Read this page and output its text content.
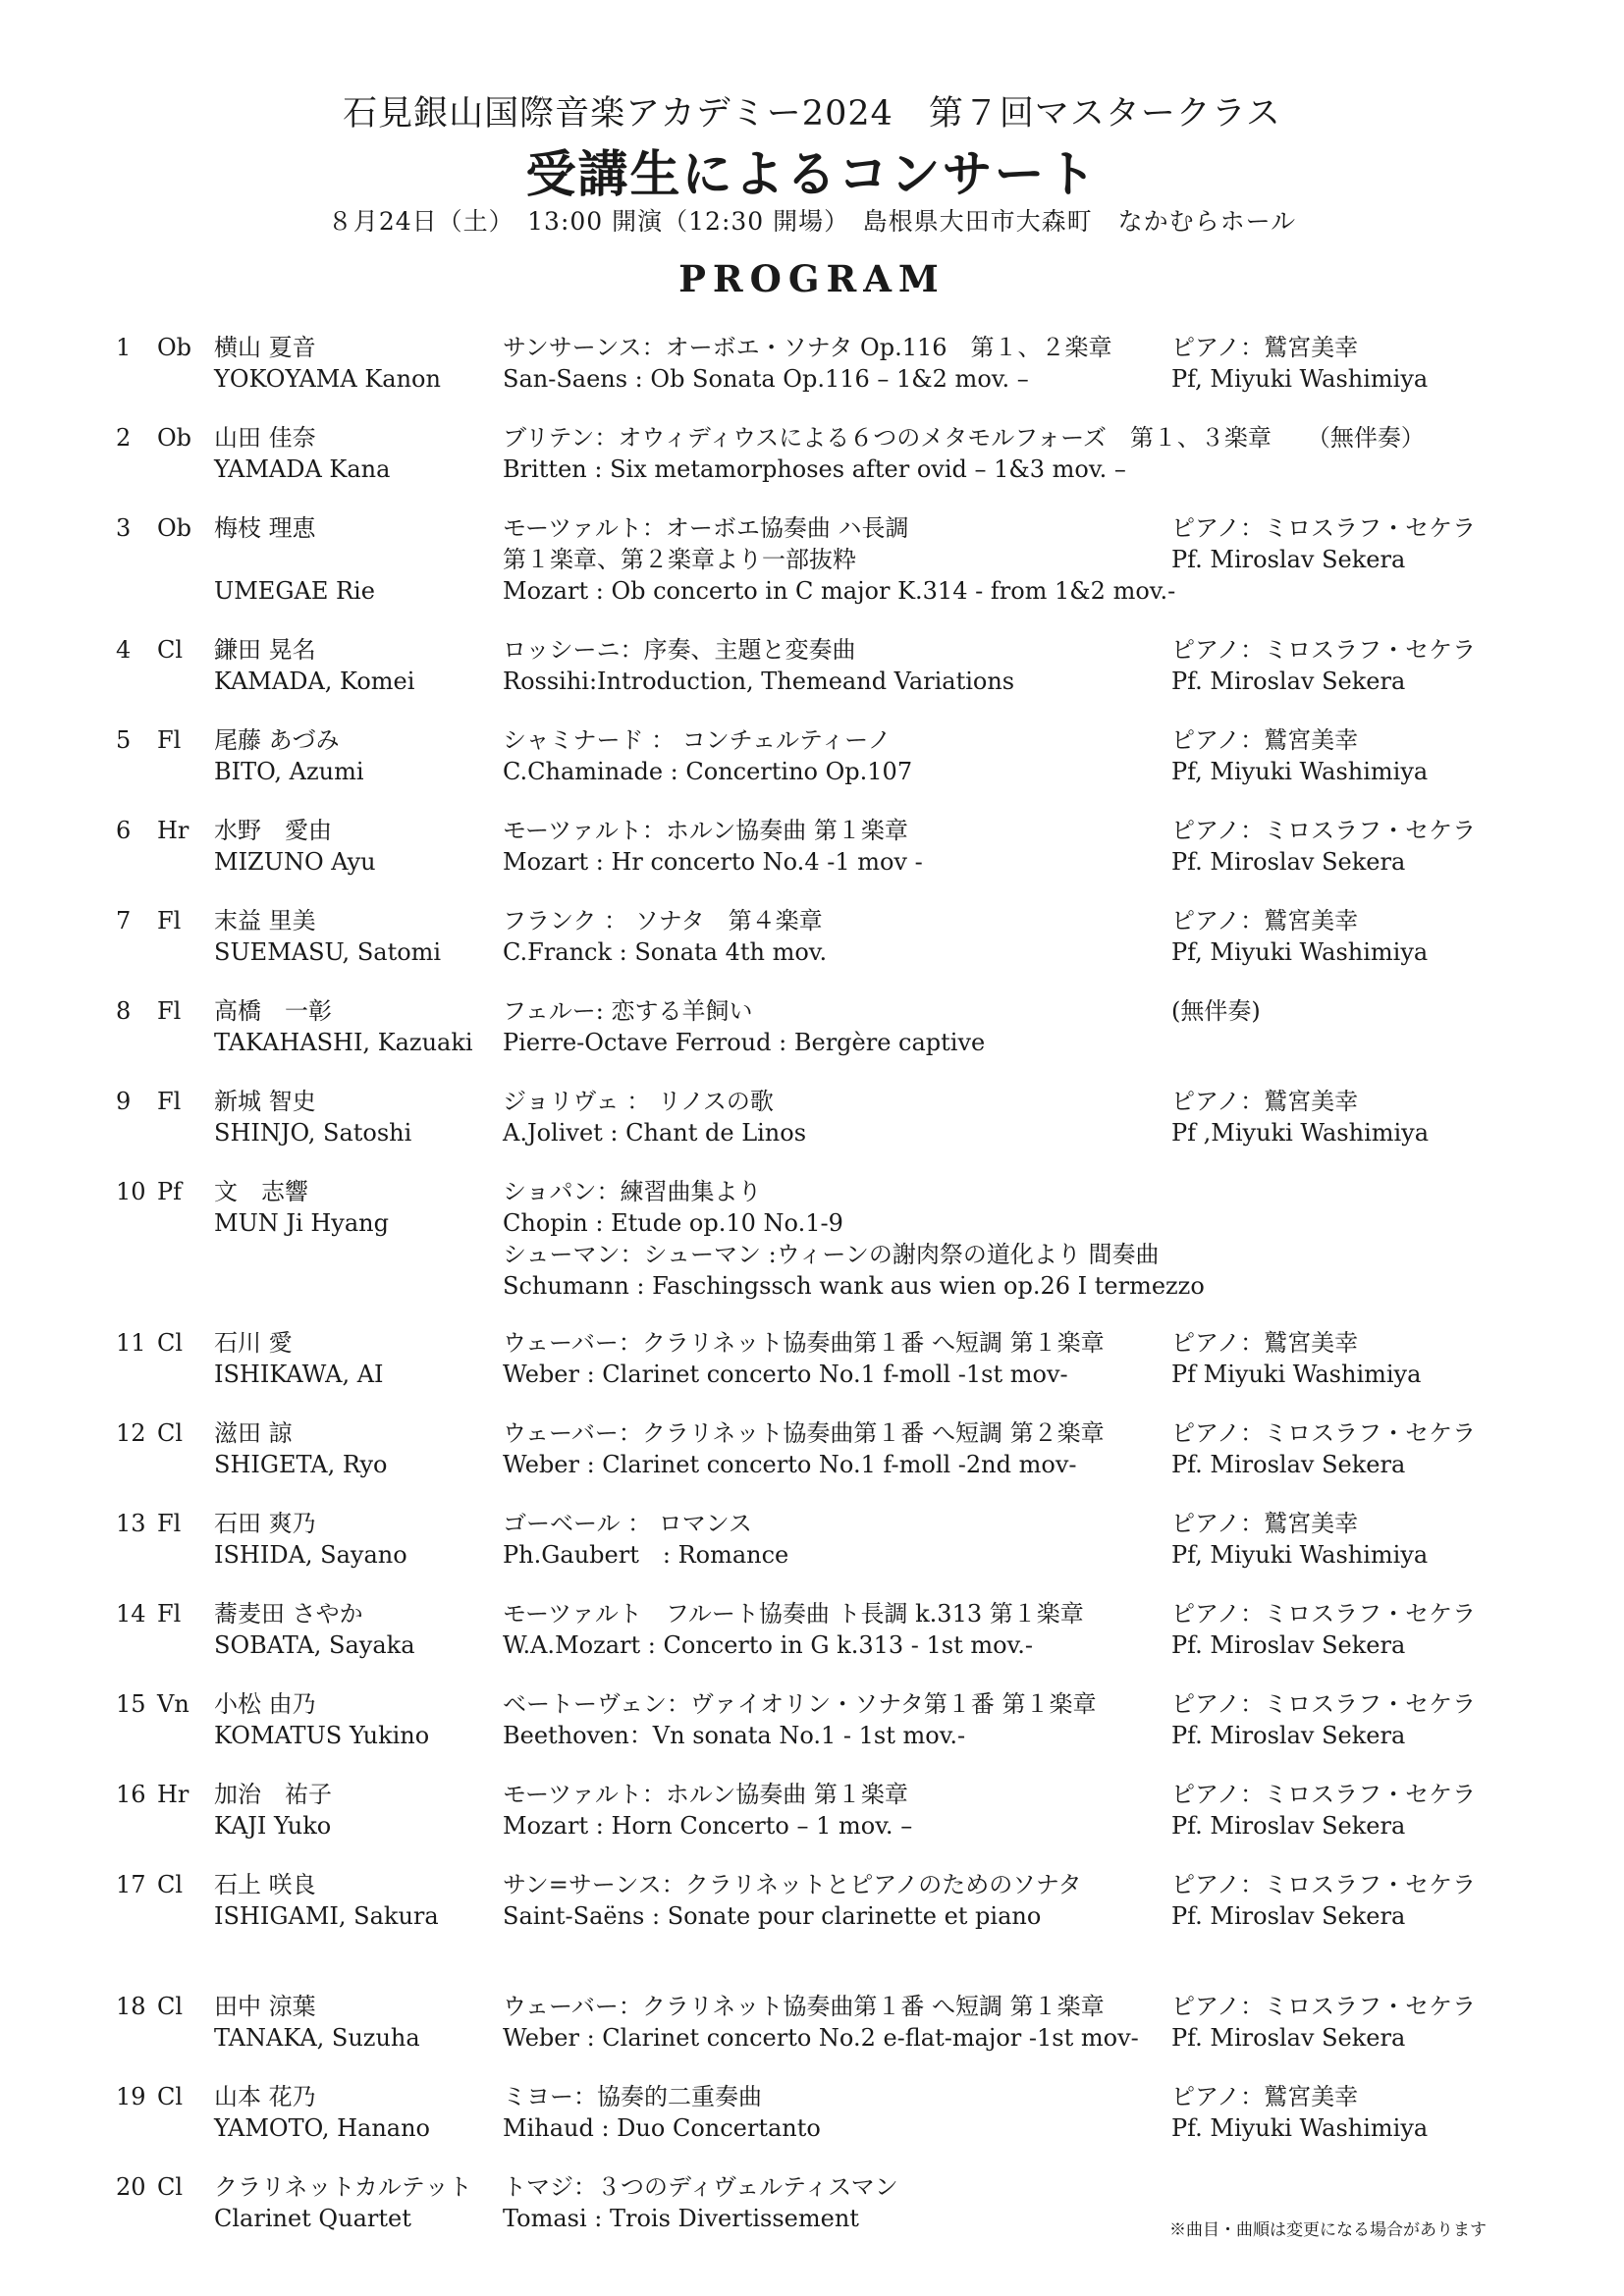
石見銀山国際音楽アカデミー2024　第７回マスタークラス
受講生によるコンサート
８月24日（土）　13:00 開演（12:30 開場）　島根県大田市大森町　なかむらホール
PROGRAM
1 Ob 横山 夏音
YOKOYAMA Kanon
サンサーンス：オーボエ・ソナタ Op.116　第１、２楽章
San-Saens : Ob Sonata Op.116 – 1&2 mov. –
ピアノ：鷲宮美幸
Pf, Miyuki Washimiya
2 Ob 山田 佳奈
YAMADA Kana
ブリテン：オウィディウスによる６つのメタモルフォーズ　第１、３楽章　　（無伴奏）
Britten : Six metamorphoses after ovid – 1&3 mov. –
3 Ob 梅枝 理恵
UMEGAE Rie
モーツァルト：オーボエ協奏曲 ハ長調
第１楽章、第２楽章より一部抜粋
Mozart : Ob concerto in C major K.314 - from 1&2 mov.-
ピアノ：ミロスラフ・セケラ
Pf. Miroslav Sekera
4 Cl 鎌田 晃名
KAMADA, Komei
ロッシーニ：序奏、主題と変奏曲
Rossihi:Introduction, Themeand Variations
ピアノ：ミロスラフ・セケラ
Pf. Miroslav Sekera
5 Fl 尾藤 あづみ
BITO, Azumi
シャミナード ： コンチェルティーノ
C.Chaminade : Concertino Op.107
ピアノ：鷲宮美幸
Pf, Miyuki Washimiya
6 Hr 水野　愛由
MIZUNO Ayu
モーツァルト：ホルン協奏曲 第１楽章
Mozart : Hr concerto No.4 -1 mov -
ピアノ：ミロスラフ・セケラ
Pf. Miroslav Sekera
7 Fl 末益 里美
SUEMASU, Satomi
フランク ： ソナタ　第４楽章
C.Franck : Sonata 4th mov.
ピアノ：鷲宮美幸
Pf, Miyuki Washimiya
8 Fl 高橋　一彰
TAKAHASHI, Kazuaki
フェルー: 恋する羊飼い
Pierre-Octave Ferroud : Bergère captive
(無伴奏)
9 Fl 新城 智史
SHINJO, Satoshi
ジョリヴェ ： リノスの歌
A.Jolivet : Chant de Linos
ピアノ：鷲宮美幸
Pf ,Miyuki Washimiya
10 Pf 文　志響
MUN Ji Hyang
ショパン：練習曲集より
Chopin : Etude op.10 No.1-9
シューマン：シューマン :ウィーンの謝肉祭の道化より 間奏曲
Schumann : Faschingssch wank aus wien op.26 I termezzo
11 Cl 石川 愛
ISHIKAWA, AI
ウェーバー：クラリネット協奏曲第１番 へ短調 第１楽章
Weber : Clarinet concerto No.1 f-moll -1st mov-
ピアノ：鷲宮美幸
Pf Miyuki Washimiya
12 Cl 滋田 諒
SHIGETA, Ryo
ウェーバー：クラリネット協奏曲第１番 へ短調 第２楽章
Weber : Clarinet concerto No.1 f-moll -2nd mov-
ピアノ：ミロスラフ・セケラ
Pf. Miroslav Sekera
13 Fl 石田 爽乃
ISHIDA, Sayano
ゴーベール ： ロマンス
Ph.Gaubert　: Romance
ピアノ：鷲宮美幸
Pf, Miyuki Washimiya
14 Fl 蕎麦田 さやか
SOBATA, Sayaka
モーツァルト　フルート協奏曲 ト長調 k.313 第１楽章
W.A.Mozart : Concerto in G k.313 - 1st mov.-
ピアノ：ミロスラフ・セケラ
Pf. Miroslav Sekera
15 Vn 小松 由乃
KOMATUS Yukino
ベートーヴェン：ヴァイオリン・ソナタ第１番 第１楽章
Beethoven：Vn sonata No.1 - 1st mov.-
ピアノ：ミロスラフ・セケラ
Pf. Miroslav Sekera
16 Hr 加治　祐子
KAJI Yuko
モーツァルト：ホルン協奏曲 第１楽章
Mozart : Horn Concerto – 1 mov. –
ピアノ：ミロスラフ・セケラ
Pf. Miroslav Sekera
17 Cl 石上 咲良
ISHIGAMI, Sakura
サン=サーンス：クラリネットとピアノのためのソナタ
Saint-Saëns : Sonate pour clarinette et piano
ピアノ：ミロスラフ・セケラ
Pf. Miroslav Sekera
18 Cl 田中 涼葉
TANAKA, Suzuha
ウェーバー：クラリネット協奏曲第１番 へ短調 第１楽章
Weber : Clarinet concerto No.2 e-flat-major -1st mov-
ピアノ：ミロスラフ・セケラ
Pf. Miroslav Sekera
19 Cl 山本 花乃
YAMOTO, Hanano
ミヨー：協奏的二重奏曲
Mihaud : Duo Concertanto
ピアノ：鷲宮美幸
Pf. Miyuki Washimiya
20 Cl クラリネットカルテット
Clarinet Quartet
トマジ：３つのディヴェルティスマン
Tomasi : Trois Divertissement	※曲目・曲順は変更になる場合があります
